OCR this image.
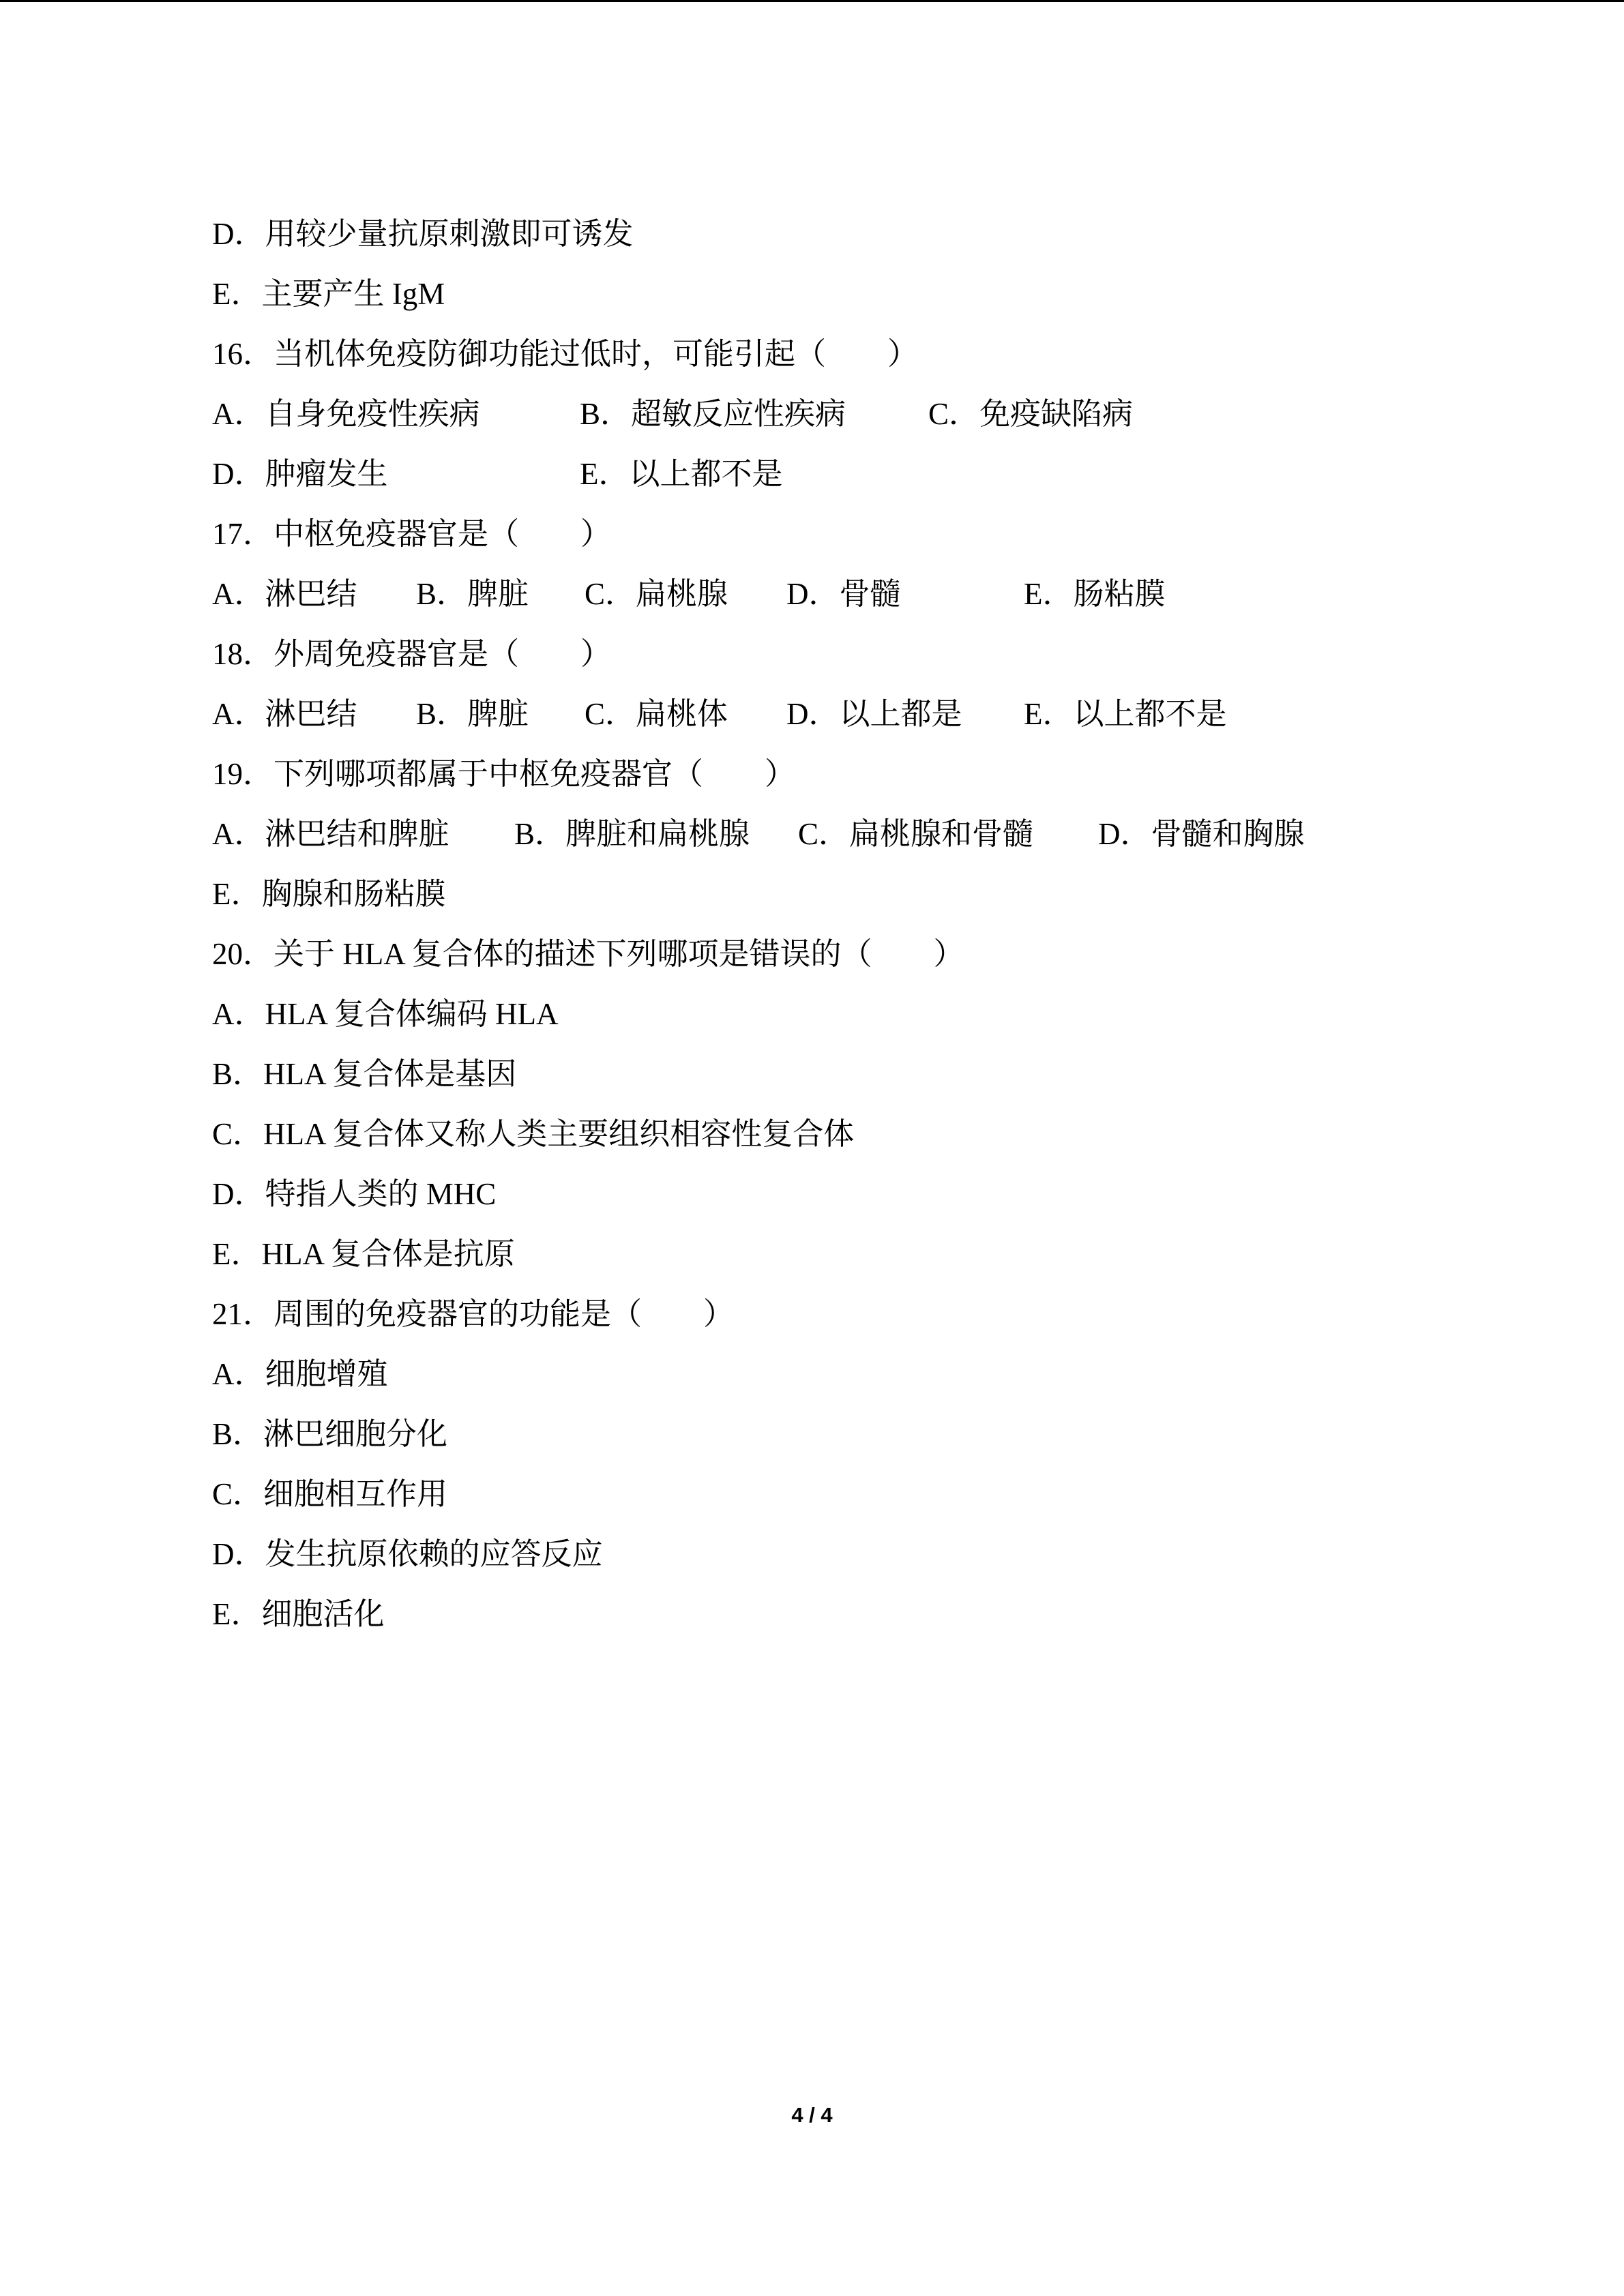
D．用较少量抗原刺激即可诱发
E．主要产生 IgM
16．当机体免疫防御功能过低时，可能引起（　　）
A．自身免疫性疾病	B．超敏反应性疾病	C．免疫缺陷病
D．肿瘤发生	E．以上都不是
17．中枢免疫器官是（　　）
A．淋巴结 B．脾脏 C．扁桃腺 D．骨髓	E．肠粘膜
18．外周免疫器官是（　　）
A．淋巴结 B．脾脏 C．扁桃体 D．以上都是 E．以上都不是
19．下列哪项都属于中枢免疫器官（　　）
A．淋巴结和脾脏 B．脾脏和扁桃腺 C．扁桃腺和骨髓 D．骨髓和胸腺
E．胸腺和肠粘膜
20．关于 HLA 复合体的描述下列哪项是错误的（　　）
A．HLA 复合体编码 HLA
B．HLA 复合体是基因
C．HLA 复合体又称人类主要组织相容性复合体
D．特指人类的 MHC
E．HLA 复合体是抗原
21．周围的免疫器官的功能是（　　）
A．细胞增殖
B．淋巴细胞分化
C．细胞相互作用
D．发生抗原依赖的应答反应
E．细胞活化
4 / 4
